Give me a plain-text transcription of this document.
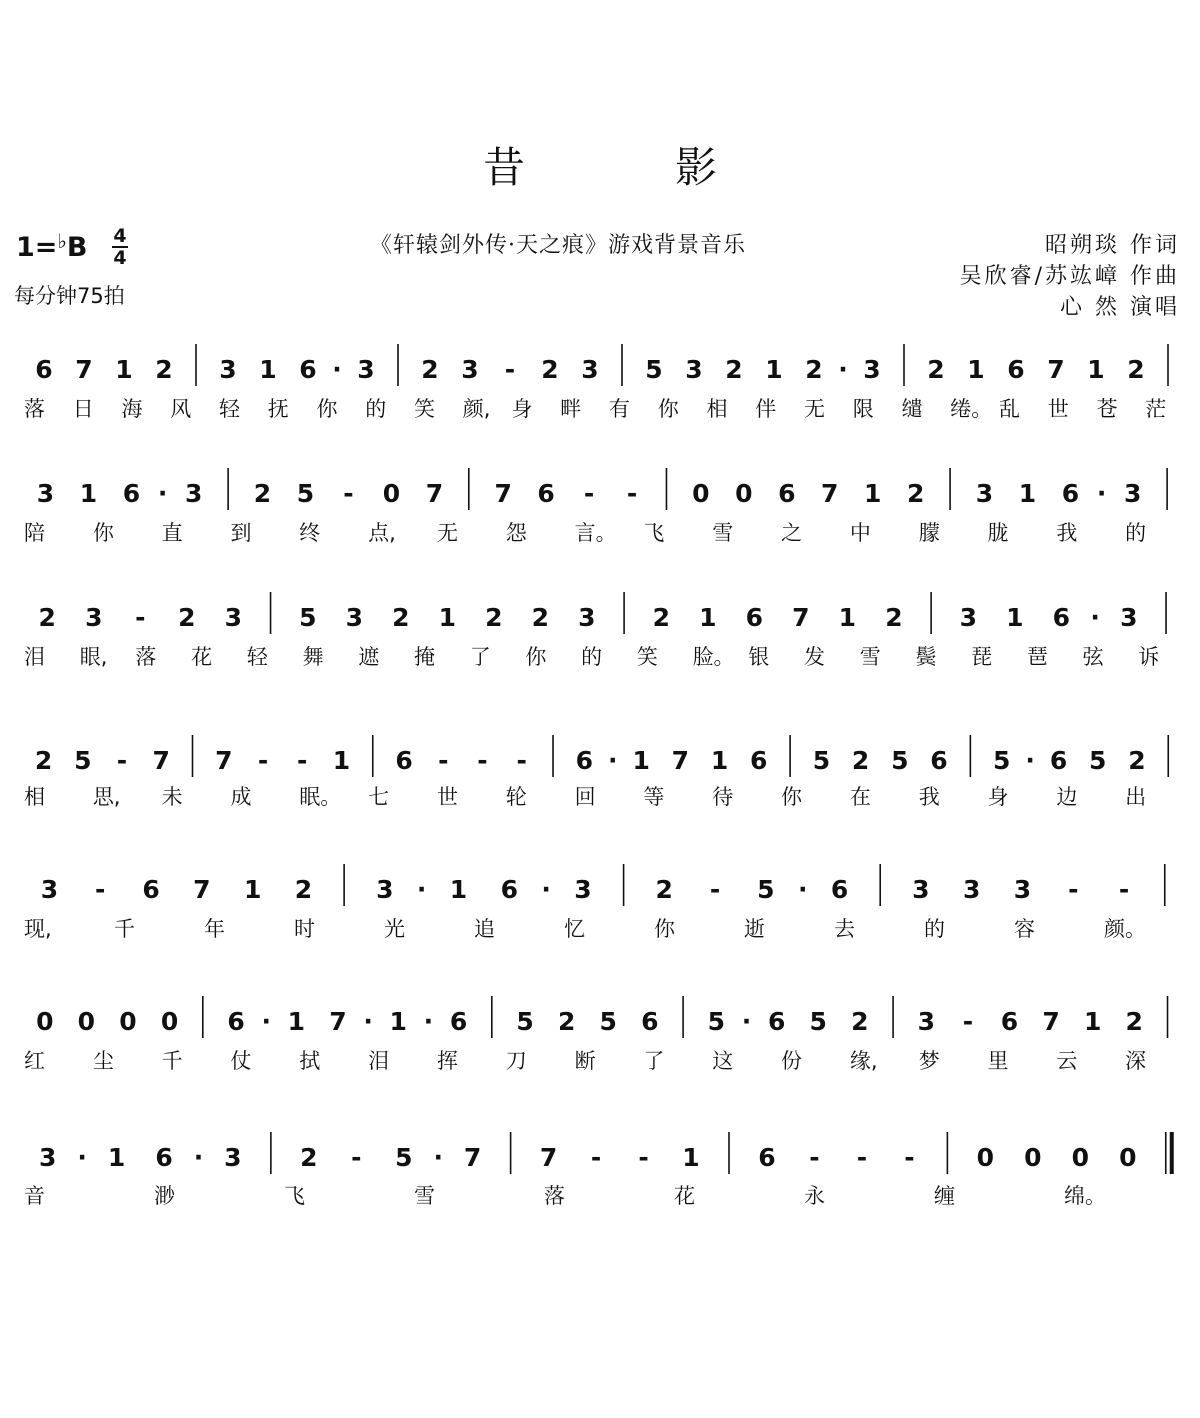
昔影
1=♭B 4
4
每分钟75拍
《轩辕剑外传·天之痕》游戏背景音乐	昭朔琰 作词
吴欣睿/苏竑嶂 作曲
心 然 演唱
6 7 1 2 3 1 6 · 3 2 3 - 2 3 5 3 2 1 2 · 3 2 1 6 7 1 2
落 日 海 风 轻 抚 你 的 笑 颜, 身 畔 有 你 相 伴 无 限 缱 绻。 乱 世 苍 茫
3 1 6 · 3 2 5 - 0 7 7 6 - - 0 0 6 7 1 2 3 1 6 · 3
陪 你 直 到 终 点, 无 怨 言。 飞 雪 之 中 朦 胧 我 的
2 3 - 2 3 5 3 2 1 2 2 3 2 1 6 7 1 2 3 1 6 · 3
泪 眼, 落 花 轻 舞 遮 掩 了 你 的 笑 脸。 银 发 雪 鬓 琵 琶 弦 诉
2 5 - 7 7 - - 1 6 - - - 6 · 1 7 1 6 5 2 5 6 5 · 6 5 2
相 思, 未 成 眠。 七 世 轮 回 等 待 你 在 我 身 边 出
3 - 6 7 1 2	3 · 1 6 · 3	2 - 5 · 6	3 3 3 - -
现,	千	年	时	光	追	忆	你	逝	去	的	容	颜。
0 0 0 0 6 · 1 7 · 1 · 6 5 2 5 6 5 · 6 5 2 3 - 6 7 1 2
红 尘 千 仗 拭 泪 挥 刀 断 了 这 份 缘, 梦 里 云 深
3 · 1 6 · 3 2 - 5 · 7 7 - - 1 6 - - - 0 0 0 0
音	渺	飞	雪	落	花	永	缠	绵。
